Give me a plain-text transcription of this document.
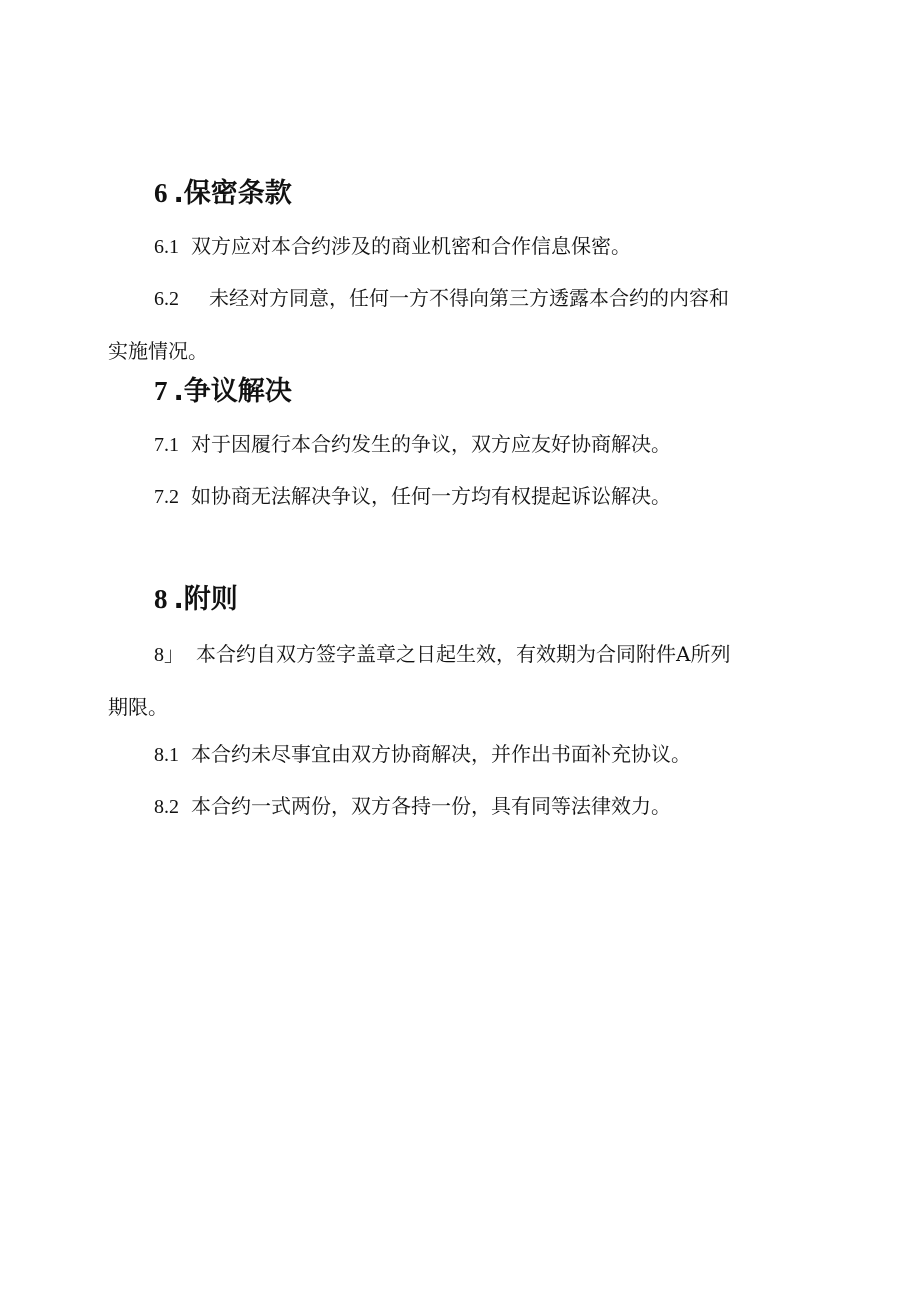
6 .保密条款
6.1 双方应对本合约涉及的商业机密和合作信息保密。
6.2 未经对方同意，任何一方不得向第三方透露本合约的内容和
实施情况。
7 .争议解决
7.1 对于因履行本合约发生的争议，双方应友好协商解决。
7.2 如协商无法解决争议，任何一方均有权提起诉讼解决。
8 .附则
8」 本合约自双方签字盖章之日起生效，有效期为合同附件A所列
期限。
8.1 本合约未尽事宜由双方协商解决，并作出书面补充协议。
8.2 本合约一式两份，双方各持一份，具有同等法律效力。
